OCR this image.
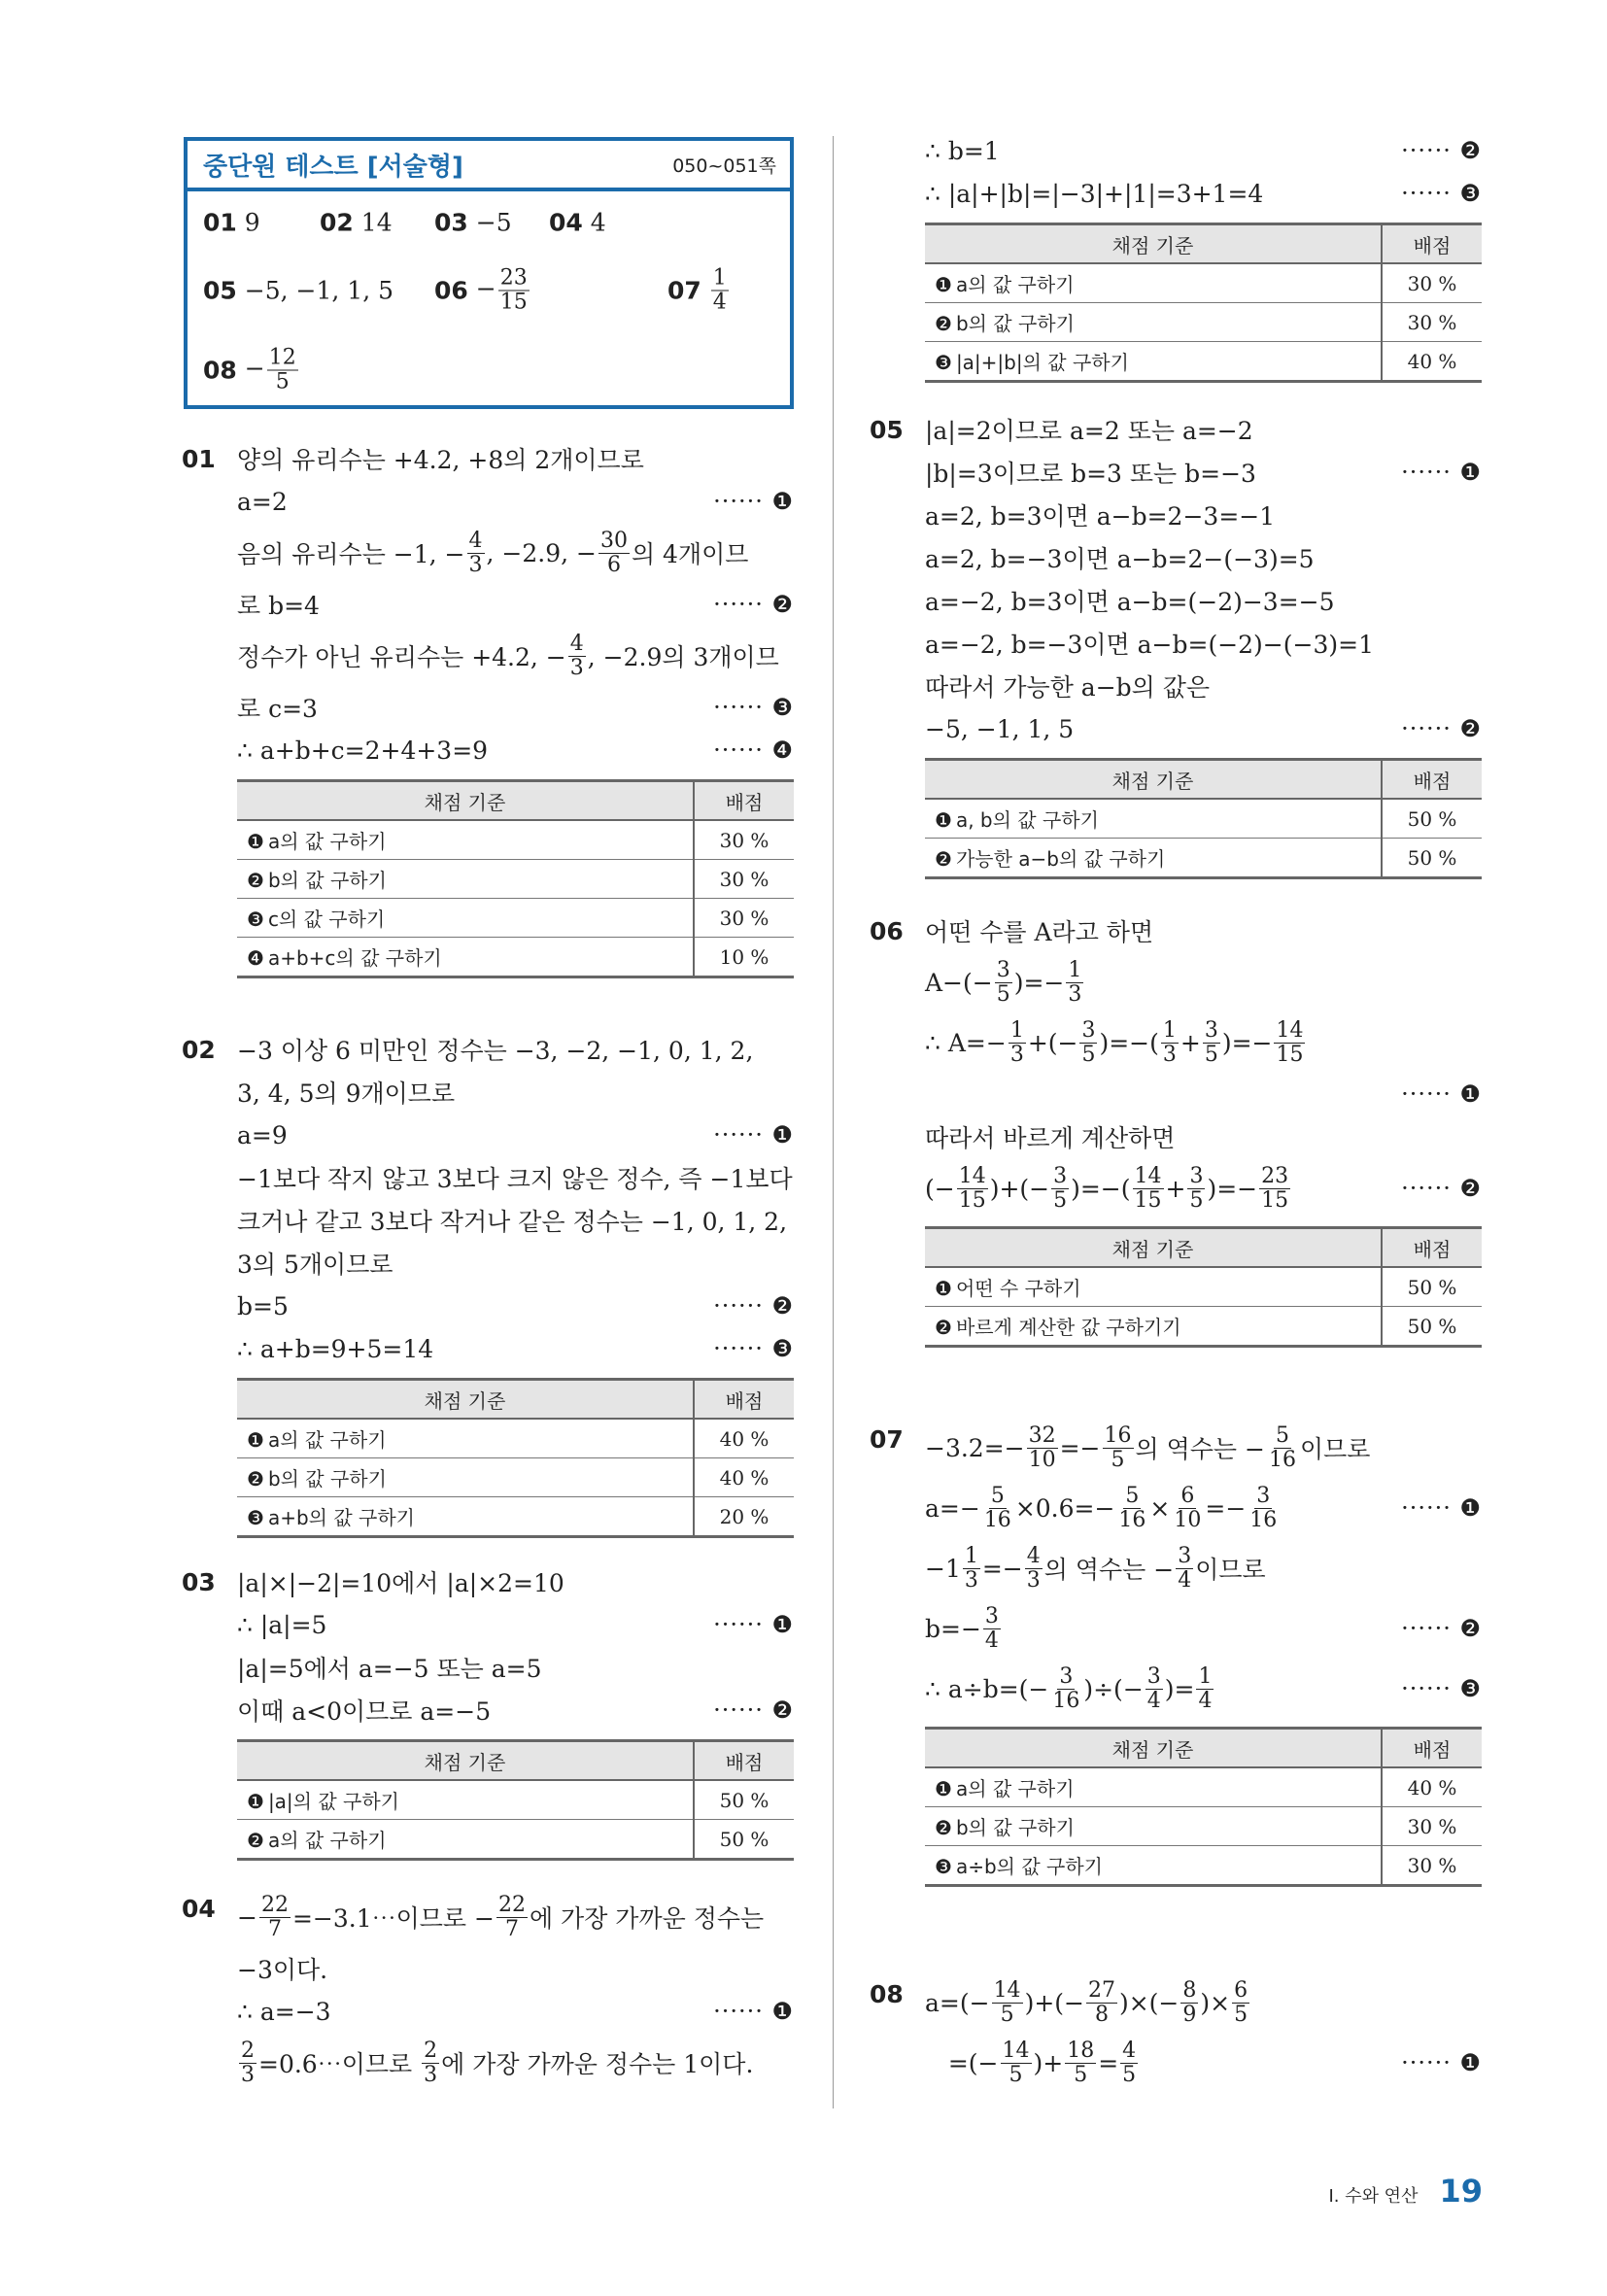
중단원 테스트 [서술형]	050~051쪽
01 9 02 14 03 −5 04 4
05 −5, −1, 1, 5 $06 - \frac{23}{15}$	$07 \frac{1}{4}$
$08 - \frac{12}{5}$
01 양의 유리수는 +4.2, +8의 2개이므로
a=2	······ ❶
음의 유리수는 −1, − $\frac{4}{3}$ , −2.9, − $\frac{30}{6}$ 의 4개이므
로 b=4	······ ❷
정수가 아닌 유리수는 +4.2, − $\frac{4}{3}$ , −2.9의 3개이므
로 c=3	······ ❸
∴ a+b+c=2+4+3=9	······ ❹
채점 기준	배점
❶ a의 값 구하기	30 %
❷ b의 값 구하기	30 %
❸ c의 값 구하기	30 %
❹ a+b+c의 값 구하기	10 %
02 −3 이상 6 미만인 정수는 −3, −2, −1, 0, 1, 2,
3, 4, 5의 9개이므로
a=9	······ ❶
−1보다 작지 않고 3보다 크지 않은 정수, 즉 −1보다
크거나 같고 3보다 작거나 같은 정수는 −1, 0, 1, 2,
3의 5개이므로
b=5	······ ❷
∴ a+b=9+5=14	······ ❸
채점 기준	배점
❶ a의 값 구하기	40 %
❷ b의 값 구하기	40 %
❸ a+b의 값 구하기	20 %
03 |a|×|−2|=10에서 |a|×2=10
∴ |a|=5	······ ❶
|a|=5에서 a=−5 또는 a=5
이때 a<0이므로 a=−5	······ ❷
채점 기준	배점
❶ |a|의 값 구하기	50 %
❷ a의 값 구하기	50 %
$04 - \frac{22}{7}$ =−3.1⋯이므로 − $\frac{22}{7}$ 에 가장 가까운 정수는
−3이다.
∴ a=−3	······ ❶
$\frac{2}{3}$ =0.6⋯이므로 $\frac{2}{3}$ 에 가장 가까운 정수는 1이다.
∴ b=1	······ ❷
∴ |a|+|b|=|−3|+|1|=3+1=4	······ ❸
채점 기준	배점
❶ a의 값 구하기	30 %
❷ b의 값 구하기	30 %
❸ |a|+|b|의 값 구하기	40 %
05 |a|=2이므로 a=2 또는 a=−2
|b|=3이므로 b=3 또는 b=−3	······ ❶
a=2, b=3이면 a−b=2−3=−1
a=2, b=−3이면 a−b=2−(−3)=5
a=−2, b=3이면 a−b=(−2)−3=−5
a=−2, b=−3이면 a−b=(−2)−(−3)=1
따라서 가능한 a−b의 값은
−5, −1, 1, 5	······ ❷
채점 기준	배점
❶ a, b의 값 구하기	50 %
❷ 가능한 a−b의 값 구하기	50 %
06 어떤 수를 A라고 하면
$A-(- \frac{3}{5}$ )=− $\frac{1}{3}$
∴ $A=- \frac{1}{3}$ +(− $\frac{3}{5}$ )=−( $\frac{1}{3} + \frac{3}{5}$ )=− $\frac{14}{15}$
······ ❶
따라서 바르게 계산하면
(− $\frac{14}{15}$ )+(− $\frac{3}{5}$ )=−( $\frac{14}{15} + \frac{3}{5}$ )=− $\frac{23}{15}$	······ ❷
채점 기준	배점
❶ 어떤 수 구하기	50 %
❷ 바르게 계산한 값 구하기기	50 %
$07 -3.2=- \frac{32}{10} =- \frac{16}{5}$ 의 역수는 − $\frac{5}{16}$ 이므로
$a=- \frac{5}{16} \times 0.6=- \frac{5}{16} \times \frac{6}{10} =- \frac{3}{16}$	······ ❶
$-1 \frac{1}{3} =- \frac{4}{3}$ 의 역수는 − $\frac{3}{4}$ 이므로
$b=- \frac{3}{4}$	······ ❷
∴ $a\div b=(- \frac{3}{16}$ )÷(− $\frac{3}{4}$ )= $\frac{1}{4}$	······ ❸
채점 기준	배점
❶ a의 값 구하기	40 %
❷ b의 값 구하기	30 %
❸ a÷b의 값 구하기	30 %
08 $a=(- \frac{14}{5}$ )+(− $\frac{27}{8}$ )×(− $\frac{8}{9}$ )× $\frac{6}{5}$
=(− $\frac{14}{5}$ )+ $\frac{18}{5} = \frac{4}{5}$	······ ❶
Ⅰ. 수와 연산 19
